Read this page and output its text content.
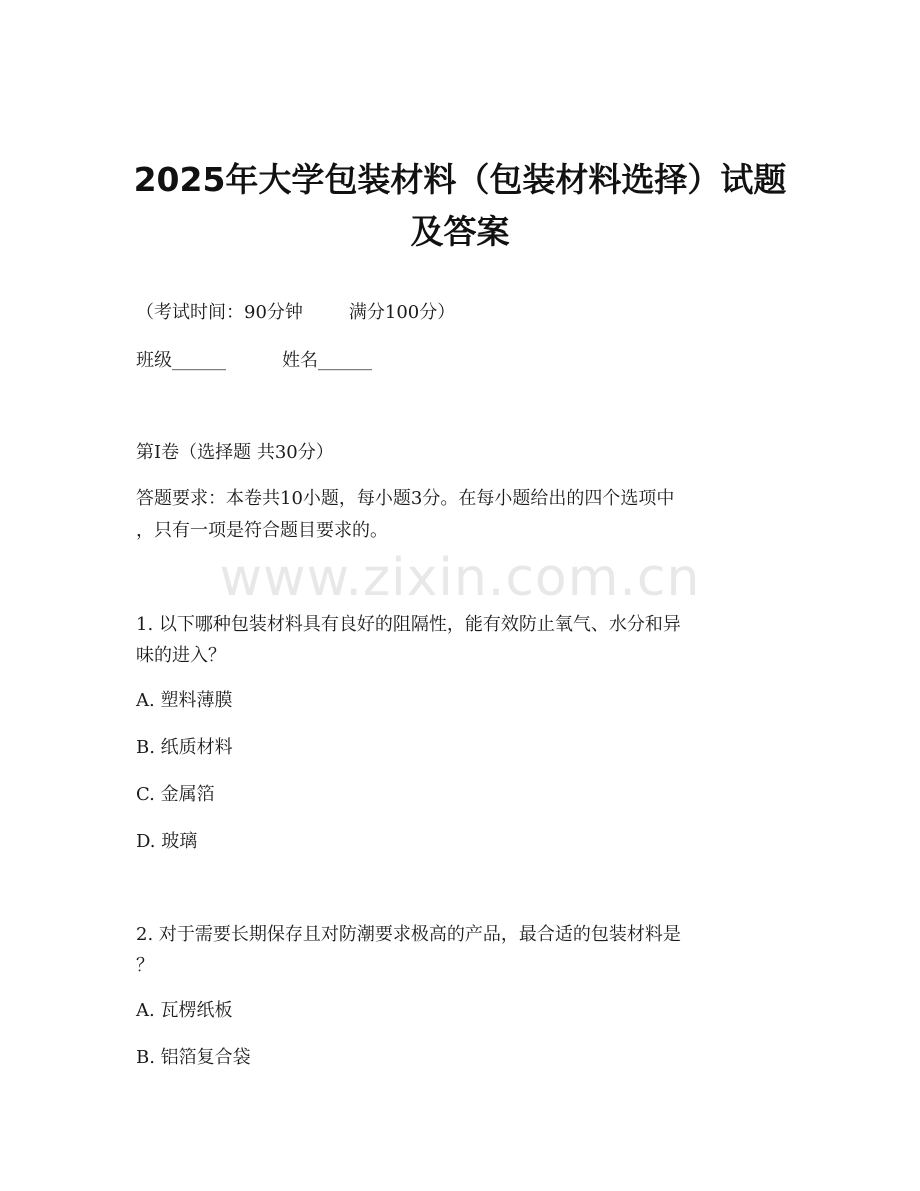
2025年大学包装材料（包装材料选择）试题
及答案
（考试时间：90分钟	满分100分）
班级______	姓名______
第Ⅰ卷（选择题 共30分）
答题要求：本卷共10小题，每小题3分。在每小题给出的四个选项中
，只有一项是符合题目要求的。
www.zixin.com.cn
1. 以下哪种包装材料具有良好的阻隔性，能有效防止氧气、水分和异
味的进入？
A. 塑料薄膜
B. 纸质材料
C. 金属箔
D. 玻璃
2. 对于需要长期保存且对防潮要求极高的产品，最合适的包装材料是
？
A. 瓦楞纸板
B. 铝箔复合袋
